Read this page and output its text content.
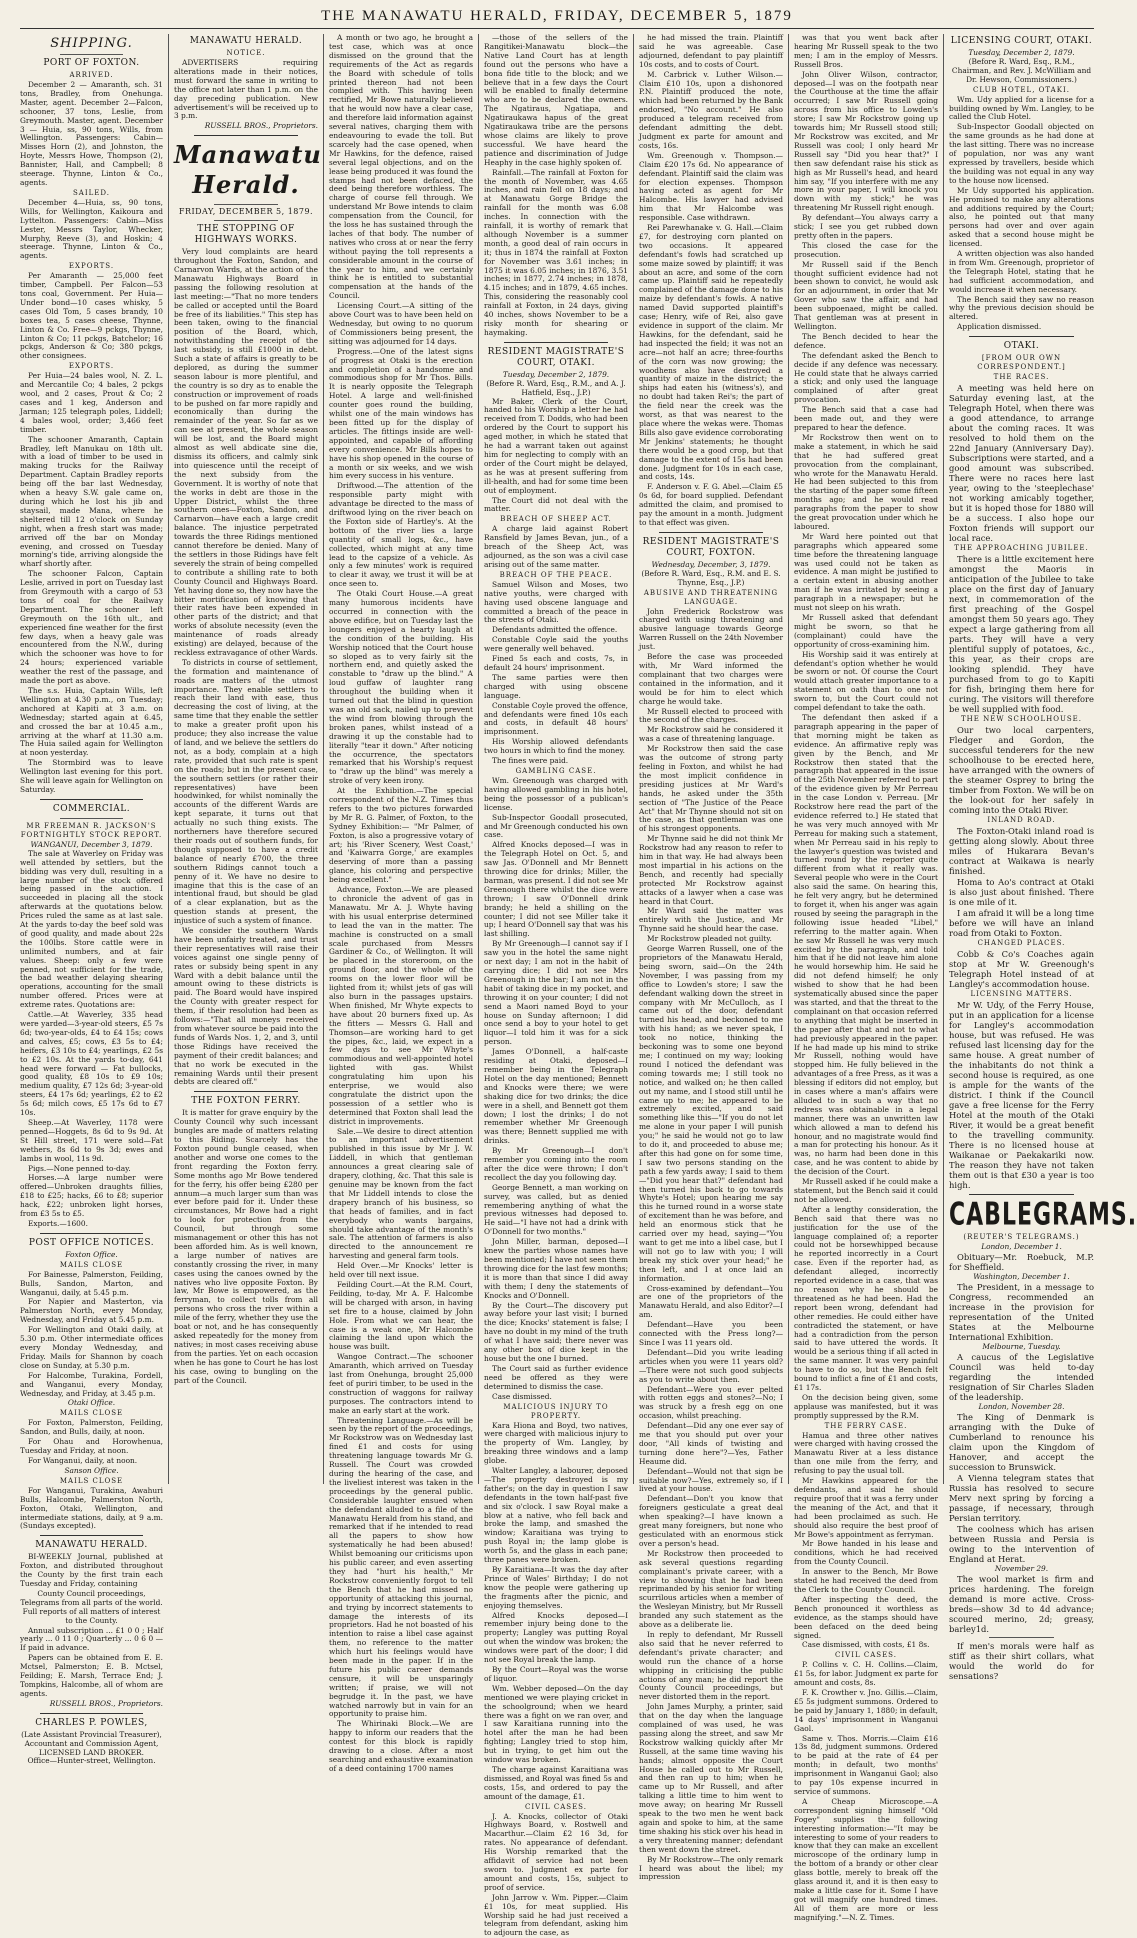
THE MANAWATU HERALD, FRIDAY, DECEMBER 5, 1879
SHIPPING.
PORT OF FOXTON.
ARRIVED.

December 2 — Amaranth, sch. 31 tons, Bradley, from Onehunga. Master, agent. December 2—Falcon, schooner, 37 tons, Leslie, from Greymouth. Master, agent. December 3 — Huia, ss, 90 tons, Wills, from Wellington. Passengers: Cabin—Misses Horn (2), and Johnston, the Hoyte, Messrs Howe, Thompson (2), Bannister, Hall, and Campbell; 8 steerage. Thynne, Linton & Co., agents.

SAILED.

December 4—Huia, ss, 90 tons, Wills, for Wellington, Kaikoura and Lyttelton. Passengers: Cabin—Miss Lester, Messrs Taylor, Whecker, Murphy, Reeve (3), and Hoskin; 4 steerage. Thynne, Linton & Co., agents.

EXPORTS.

Per Amaranth — 25,000 feet timber, Campbell. Per Falcon—53 tons coal, Government. Per Huia—Under bond—10 cases whisky, 5 cases Old Tom, 5 cases brandy, 10 boxes tea, 5 cases cheese, Thynne, Linton & Co. Free—9 pckgs, Thynne, Linton & Co; 11 pckgs, Batchelor; 16 pckgs, Anderson & Co; 380 pckgs, other consignees.

EXPORTS.

Per Huia—24 bales wool, N. Z. L. and Mercantile Co; 4 bales, 2 pckgs wool, and 2 cases, Prout & Co; 2 cases and 1 keg, Anderson and Jarman; 125 telegraph poles, Liddell; 4 bales wool, order; 3,466 feet timber.

The schooner Amaranth, Captain Bradley, left Manukau on 18th ult. with a load of timber to be used in making trucks for the Railway Department. Captain Bradley reports being off the bar last Wednesday, when a heavy S.W. gale came on, during which he lost his jib and staysail, made Mana, where he sheltered till 12 o'clock on Sunday night, when a fresh start was made; arrived off the bar on Monday evening, and crossed on Tuesday morning's tide, arriving alongside the wharf shortly after.

The schooner Falcon, Captain Leslie, arrived in port on Tuesday last from Greymouth with a cargo of 53 tons of coal for the Railway Department. The schooner left Greymouth on the 16th ult., and experienced fine weather for the first few days, when a heavy gale was encountered from the N.W., during which the schooner was hove to for 24 hours; experienced variable weather the rest of the passage, and made the port as above.

The s.s. Huia, Captain Wills, left Wellington at 4.30 p.m., on Tuesday; anchored at Kapiti at 3 a.m. on Wednesday; started again at 6.45, and crossed the bar at 10.45 a.m., arriving at the wharf at 11.30 a.m. The Huia sailed again for Wellington at noon yesterday.

The Stormbird was to leave Wellington last evening for this port. She will leave again for Wellington on Saturday.

COMMERCIAL.
MR FREEMAN R. JACKSON'S FORTNIGHTLY STOCK REPORT.
WANGANUI, December 3, 1879.

The sale at Waverley on Friday was well attended by settlers, but the bidding was very dull, resulting in a large number of the stock offered being passed in the auction. I succeeded in placing all the stock afterwards at the quotations below. Prices ruled the same as at last sale. At the yards to-day the beef sold was of good quality, and made about 22s the 100lbs. Store cattle were in unlimited numbers, and at fair values. Sheep: only a few were penned, not sufficient for the trade, the bad weather delaying shearing operations, accounting for the small number offered. Prices were at extreme rates. Quotations are:

Cattle.—At Waverley, 335 head were yarded—3-year-old steers, £5 7s 6d; two-year-olds, £4 to £4 15s; cows and calves, £5; cows, £3 5s to £4; heifers, £3 10s to £4; yearlings, £2 5s to £2 10s. At the yards to-day, 641 head were forward — Fat bullocks, good quality, £8 10s to £9 10s; medium quality, £7 12s 6d; 3-year-old steers, £4 17s 6d; yearlings, £2 to £2 5s 6d; milch cows, £5 17s 6d to £7 10s.

Sheep.—At Waverley, 1178 were penned—Hoggets, 8s 6d to 9s 9d. At St Hill street, 171 were sold—Fat wethers, 8s 6d to 9s 3d; ewes and lambs in wool, 11s 9d.

Pigs.—None penned to-day.

Horses.—A large number were offered—Unbroken draughts fillies, £18 to £25; hacks, £6 to £8; superior hack, £22; unbroken light horses, from £3 5s to £5.

Exports.—1600.

POST OFFICE NOTICES.
Foxton Office.
MAILS CLOSE

For Bainesse, Palmerston, Feilding, Bulls, Sandon, Marton, and Wanganui, daily, at 5.45 p.m.

For Napier and Masterton, via Palmerston North, every Monday, Wednesday, and Friday at 5.45 p.m.

For Wellington and Otaki daily, at 5.30 p.m. Other intermediate offices every Monday Wednesday, and Friday. Mails for Shannon by coach close on Sunday, at 5.30 p.m.

For Halcombe, Turakina, Fordell, and Wanganui, every Monday, Wednesday, and Friday, at 3.45 p.m.

Otaki Office.
MAILS CLOSE

For Foxton, Palmerston, Feilding, Sandon, and Bulls, daily, at noon.

For Ohau and Horowhenua, Tuesday and Friday, at noon.

For Wanganui, daily, at noon.

Sanson Office.
MAILS CLOSE

For Wanganui, Turakina, Awahuri Bulls, Halcombe, Palmerston North, Foxton, Otaki, Wellington, and intermediate stations, daily, at 9 a.m. (Sundays excepted).

MANAWATU HERALD.

BI-WEEKLY Journal, published at Foxton, and distributed throughout the County by the first train each Tuesday and Friday, containing

County Council proceedings, Telegrams from all parts of the world. Full reports of all matters of interest to the County.

Annual subscription ... £1 0 0 ; Half yearly ... 0 11 0 ; Quarterly ... 0 6 0 — If paid in advance.

Papers can be obtained from E. E. Mctsel, Palmerston; E. B. Mctsel, Feilding; E. Marsh, Terrace End; J. Tompkins, Halcombe, all of whom are agents.

RUSSELL BROS., Proprietors.

CHARLES P. POWLES,
(Late Assistant Provincial Treasurer),
Accountant and Commission Agent,
LICENSED LAND BROKER.
Office—Hunter-street, Wellington.
MANAWATU HERALD.
NOTICE.

ADVERTISERS requiring alterations made in their notices, must forward the same in writing to the office not later than 1 p.m. on the day preceding publication. New advertisement's will be received up to 3 p.m.

RUSSELL BROS., Proprietors.

Manawatu Herald.
FRIDAY, DECEMBER 5, 1879.
THE STOPPING OF HIGHWAYS WORKS.

Very loud complaints are heard throughout the Foxton, Sandon, and Carnarvon Wards, at the action of the Manawatu Highways Board in passing the following resolution at last meeting:—"That no more tenders be called or accepted until the Board be free of its liabilities." This step has been taken, owing to the financial position of the Board, which, notwithstanding the receipt of the last subsidy, is still £1000 in debt. Such a state of affairs is greatly to be deplored, as during the summer season labour is more plentiful, and the country is so dry as to enable the construction or improvement of roads to be pushed on far more rapidly and economically than during the remainder of the year. So far as we can see at present, the whole season will be lost, and the Board might almost as well abdicate sine die, dismiss its officers, and calmly sink into quiescence until the receipt of the next subsidy from the Government. It is worthy of note that the works in debt are those in the Upper District, whilst the three southern ones—Foxton, Sandon, and Carnarvon—have each a large credit balance. The injustice perpetrated towards the three Ridings mentioned cannot therefore be denied. Many of the settlers in those Ridings have felt severely the strain of being compelled to contribute a shilling rate to both County Council and Highways Board. Yet having done so, they now have the bitter mortification of knowing that their rates have been expended in other parts of the district; and that works of absolute necessity (even the maintenance of roads already existing) are delayed, because of the reckless extravagance of other Wards.

To districts in course of settlement, the formation and maintenance of roads are matters of the utmost importance. They enable settlers to reach their land with ease, thus decreasing the cost of living, at the same time that they enable the settler to make a greater profit upon his produce; they also increase the value of land, and we believe the settlers do not, as a body, complain at a high rate, provided that such rate is spent on the roads; but in the present case, the southern settlers (or rather their representatives) have been hoodwinked, for whilst nominally the accounts of the different Wards are kept separate, it turns out that actually no such thing exists. The northerners have therefore secured their roads out of southern funds, for though supposed to have a credit balance of nearly £700, the three southern Ridings cannot touch a penny of it. We have no desire to imagine that this is the case of an intentional fraud, but should be glad of a clear explanation, but as the question stands at present, the injustice of such a system of finance.

We consider the southern Wards have been unfairly treated, and trust their representatives will raise their voices against one single penny of rates or subsidy being spent in any Ward with a debit balance until the amount owing to these districts is paid. The Board would have inspired the County with greater respect for them, if their resolution had been as follows:—"That all moneys received from whatever source be paid into the funds of Wards Nos. 1, 2, and 3, until those Ridings have received the payment of their credit balances; and that no work be executed in the remaining Wards until their present debts are cleared off."

THE FOXTON FERRY.

It is matter for grave enquiry by the County Council why such incessant bungles are made of matters relating to this Riding. Scarcely has the Foxton pound bungle ceased, when another and worse one comes to the front regarding the Foxton ferry. Some months ago Mr Bowe tendered for the ferry, his offer being £280 per annum—a much larger sum than was ever before paid for it. Under these circumstances, Mr Bowe had a right to look for protection from the Council, but through some mismanagement or other this has not been afforded him. As is well known, a large number of natives are constantly crossing the river, in many cases using the canoes owned by the natives who live opposite Foxton. By law, Mr Bowe is empowered, as the ferryman, to collect tolls from all persons who cross the river within a mile of the ferry, whether they use the boat or not, and he has consequently asked repeatedly for the money from natives; in most cases receiving abuse from the parties. Yet on each occasion when he has gone to Court he has lost his case, owing to bungling on the part of the Council.

A month or two ago, he brought a test case, which was at once dismissed on the ground that the requirements of the Act as regards the Board with schedule of tolls printed thereon had not been complied with. This having been rectified, Mr Bowe naturally believed that he would now have a clear case, and therefore laid information against several natives, charging them with endeavouring to evade the toll. But scarcely had the case opened, when Mr Hawkins, for the defence, raised several legal objections, and on the lease being produced it was found the stamps had not been defaced, the deed being therefore worthless. The charge of course fell through. We understand Mr Bowe intends to claim compensation from the Council, for the loss he has sustained through the laches of that body. The number of natives who cross at or near the ferry without paying the toll represents a considerable amount in the course of the year to him, and we certainly think he is entitled to substantial compensation at the hands of the Council.

Licensing Court.—A sitting of the above Court was to have been held on Wednesday, but owing to no quorum of Commissioners being present, the sitting was adjourned for 14 days.

Progress.—One of the latest signs of progress at Otaki is the erection and completion of a handsome and commodious shop for Mr Thos. Bills. It is nearly opposite the Telegraph Hotel. A large and well-finished counter goes round the building, whilst one of the main windows has been fitted up for the display of articles. The fittings inside are well-appointed, and capable of affording every convenience. Mr Bills hopes to have his shop opened in the course of a month or six weeks, and we wish him every success in his venture.

Driftwood.—The attention of the responsible party might with advantage be directed to the mass of driftwood lying on the river beach on the Foxton side of Hartley's. At the bottom of the river lies a large quantity of small logs, &c., have collected, which might at any time lead to the capsize of a vehicle. As only a few minutes' work is required to clear it away, we trust it will be at once seen to.

The Otaki Court House.—A great many humorous incidents have occurred in connection with the above edifice, but on Tuesday last the loungers enjoyed a hearty laugh at the condition of the building. His Worship noticed that the Court house so sloped as to very fairly sit the northern end, and quietly asked the constable to "draw up the blind." A loud guffaw of laughter rang throughout the building when it turned out that the blind in question was an old sack, nailed up to prevent the wind from blowing through the broken panes, whilst instead of a drawing it up the constable had to literally "tear it down." After noticing the occurrence, the spectators remarked that his Worship's request to "draw up the blind" was merely a stroke of very keen irony.

At the Exhibition.—The special correspondent of the N.Z. Times thus refers to the two pictures forwarded by Mr R. G. Palmer, of Foxton, to the Sydney Exhibition:— "Mr Palmer, of Foxton, is also a progressive votary of art; his 'River Scenery, West Coast,' and 'Kaiwarra Gorge,' are examples deserving of more than a passing glance, his coloring and perspective being excellent."

Advance, Foxton.—We are pleased to chronicle the advent of gas in Manawatu. Mr A. J. Whyte having with his usual enterprise determined to lead the van in the matter. The machine is constructed on a small scale purchased from Messrs Gardiner & Co., of Wellington. It will be placed in the storeroom, on the ground floor, and the whole of the rooms on the lower floor will be lighted from it; whilst jets of gas will also burn in the passages upstairs. When finished, Mr Whyte expects to have about 20 burners fixed up. As the fitters — Messrs G. Hall and Thomson—are working hard to get the pipes, &c., laid, we expect in a few days to see Mr Whyte's commodious and well-appointed hotel lighted with gas. Whilst congratulating him upon his enterprise, we would also congratulate the district upon the possession of a settler who is determined that Foxton shall lead the district in improvements.

Sale.—We desire to direct attention to an important advertisement published in this issue by Mr J. W. Liddell, in which that gentleman announces a great clearing sale of drapery, clothing, &c. That this sale is genuine may be known from the fact that Mr Liddell intends to close the drapery branch of his business, so that heads of families, and in fact everybody who wants bargains, should take advantage of the month's sale. The attention of farmers is also directed to the announcement re harvesting and general farm tools.

Held Over.—Mr Knocks' letter is held over till next issue.

Feilding Court.—At the R.M. Court, Feilding, to-day, Mr A. F. Halcombe will be charged with arson, in having set fire to a house, claimed by John Hole. From what we can hear, the case is a weak one, Mr Halcombe claiming the land upon which the house was built.

Wangoe Contract.—The schooner Amaranth, which arrived on Tuesday last from Onehunga, brought 25,000 feet of puriri timber, to be used in the construction of waggons for railway purposes. The contractors intend to make an early start at the work.

Threatening Language.—As will be seen by the report of the proceedings, Mr Rockstrow was on Wednesday last fined £1 and costs for using threatening language towards Mr G. Russell. The Court was crowded during the hearing of the case, and the liveliest interest was taken in the proceedings by the general public. Considerable laughter ensued when the defendant alluded to a file of the Manawatu Herald from his stand, and remarked that if he intended to read all the papers to show how systematically he had been abused! Whilst bemoaning our criticisms upon his public career, and even asserting they had "hurt his health," Mr Rockstrow conveniently forgot to tell the Bench that he had missed no opportunity of attacking this journal, and trying by incorrect statements to damage the interests of its proprietors. Had he not boasted of his intention to raise a libel case against them, no reference to the matter which hurt his feelings would have been made in the paper. If in the future his public career demands censure, it will be unsparingly written; if praise, we will not begrudge it. In the past, we have watched narrowly but in vain for an opportunity to praise him.

The Whirinaki Block.—We are happy to inform our readers that the contest for this block is rapidly drawing to a close. After a most searching and exhaustive examination of a deed containing 1700 names

—those of the sellers of the Rangitikei-Manawatu block—the Native Land Court has at length found out the persons who have a bona fide title to the block; and we believe that in a few days the Court will be enabled to finally determine who are to be declared the owners. The Ngatiraus, Ngatiapa, and Ngatiraukawa hapus of the great Ngatiraukawa tribe are the persons whose claims are likely to prove successful. We have heard the patience and discrimination of Judge Heaphy in the case highly spoken of.

Rainfall.—The rainfall at Foxton for the month of November, was 4.65 inches, and rain fell on 18 days; and at Manawatu Gorge Bridge the rainfall for the month was 6.08 inches. In connection with the rainfall, it is worthy of remark that although November is a summer month, a good deal of rain occurs in it; thus in 1874 the rainfall at Foxton for November was 3.61 inches; in 1875 it was 6.05 inches; in 1876, 3.51 inches; in 1877, 2.74 inches; in 1878, 4.15 inches; and in 1879, 4.65 inches. This, considering the reasonably cool rainfall at Foxton, in 24 days, giving 40 inches, shows November to be a risky month for shearing or haymaking.

RESIDENT MAGISTRATE'S COURT, OTAKI.
Tuesday, December 2, 1879.
(Before R. Ward, Esq., R.M., and A. J. Hatfield, Esq., J.P.)

Mr Baker, Clerk of the Court, handed to his Worship a letter he had received from T. Dodds, who had been ordered by the Court to support his aged mother, in which he stated that he had a warrant taken out against him for neglecting to comply with an order of the Court might be delayed, as he was at present suffering from ill-health, and had for some time been out of employment.

The Court did not deal with the matter.

BREACH OF SHEEP ACT.

A charge laid against Robert Ransfield by James Bevan, jun., of a breach of the Sheep Act, was adjourned, as the son was a civil case arising out of the same matter.

BREACH OF THE PEACE.

Samuel Wilson and Moses, two native youths, were charged with having used obscene language and committed a breach of the peace in the streets of Otaki.

Defendants admitted the offence.

Constable Coyle said the youths were generally well behaved.

Fined 5s each and costs, 7s, in default 24 hours' imprisonment.

The same parties were then charged with using obscene language.

Constable Coyle proved the offence, and defendants were fined 10s each and costs, in default 48 hours' imprisonment.

His Worship allowed defendants two hours in which to find the money.

The fines were paid.

GAMBLING CASE.

Wm. Greenough was charged with having allowed gambling in his hotel, being the possessor of a publican's license.

Sub-Inspector Goodall prosecuted, and Mr Greenough conducted his own case.

Alfred Knocks deposed—I was in the Telegraph Hotel on Oct. 5, and saw Jas. O'Donnell and Mr Bennett throwing dice for drinks; Miller, the barman, was present. I did not see Mr Greenough there whilst the dice were thrown; I saw O'Donnell drink brandy; he held a shilling on the counter; I did not see Miller take it up; I heard O'Donnell say that was his last shilling.

By Mr Greenough—I cannot say if I saw you in the hotel the same night or next day; I am not in the habit of carrying dice; I did not see Mrs Greenough in the bar; I am not in the habit of taking dice in my pocket, and throwing it on your counter; I did not send a Maori named Boyd to your house on Sunday afternoon; I did once send a boy to your hotel to get liquor—I told him it was for a sick person.

James O'Donnell, a half-caste residing at Otaki, deposed—I remember being in the Telegraph Hotel on the day mentioned; Bennett and Knocks were there; we were shaking dice for two drinks; the dice were in a shell, and Bennett got them down; I lost the drinks; I do not remember whether Mr Greenough was there; Bennett supplied me with drinks.

By Mr Greenough—I don't remember you coming into the room after the dice were thrown; I don't recollect the day you following day.

George Bennett, a man working on survey, was called, but as denied remembering anything of what the previous witnesses had deposed to. He said—"I have not had a drink with O'Donnell for two months."

John Miller, barman, deposed—I knew the parties whose names have been mentioned; I have not seen them throwing dice for the last few months; it is more than that since I did away with them; I deny the statements of Knocks and O'Donnell.

By the Court—The discovery put away before your last visit; I burned the dice; Knocks' statement is false; I have no doubt in my mind of the truth of what I have said; there never was any other box of dice kept in the house but the one I burned.

The Court said as further evidence need be offered as they were determined to dismiss the case.

Case dismissed.

MALICIOUS INJURY TO PROPERTY.

Kara Hiona and Boyd, two natives, were charged with malicious injury to the property of Wm. Langley, by breaking three windows and a lamp globe.

Walter Langley, a labourer, deposed—The property destroyed is my father's; on the day in question I saw defendants in the town half-past five and six o'clock. I saw Royal make a blow at a native, who fell back and broke the lamp, and smashed the window; Karaitiana was trying to push Royal in; the lamp globe is worth 5s, and the glass in each pane; three panes were broken.

By Karaitiana—It was the day after Prince of Wales' Birthday; I do not know the people were gathering up the fragments after the picnic, and enjoying themselves.

Alfred Knocks deposed—I remember injury being done to the property; Langley was putting Royal out when the window was broken; the windows were part of the door; I did not see Royal break the lamp.

By the Court—Royal was the worse of liquor.

Wm. Webber deposed—On the day mentioned we were playing cricket in the schoolground; when we heard there was a fight on we ran over, and I saw Karaitiana running into the hotel after the man he had been fighting; Langley tried to stop him, but in trying, to get him out the window was broken.

The charge against Karaitiana was dismissed, and Royal was fined 5s and costs, 15s, and ordered to pay the amount of the damage, £1.

CIVIL CASES.

J. A. Knocks, collector of Otaki Highways Board, v. Rostwell and Macarthur.—Claim £2 16 3d, for rates. No appearance of defendant. His Worship remarked that the affidavit of service had not been sworn to. Judgment ex parte for amount and costs, 15s, subject to proof of service.

John Jarrow v. Wm. Pipper.—Claim £1 10s, for meat supplied. His Worship said he had just received a telegram from defendant, asking him to adjourn the case, as

he had missed the train. Plaintiff said he was agreeable. Case adjourned, defendant to pay plaintiff 10s costs, and to costs of Court.

M. Carbrick v. Luther Wilson.—Claim £10 10s, upon a dishonored P.N. Plaintiff produced the note, which had been returned by the Bank endorsed, "No account." He also produced a telegram received from defendant admitting the debt. Judgment ex parte for amount and costs, 16s.

Wm. Greenough v. Thompson.—Claim £20 17s 6d. No appearance of defendant. Plaintiff said the claim was for election expenses. Thompson having acted as agent for Mr Halcombe. His lawyer had advised him that Mr Halcombe was responsible. Case withdrawn.

Rei Parewhanake v. G. Hall.—Claim £7, for destroying corn planted on two occasions. It appeared defendant's fowls had scratched up some maize sowed by plaintiff; it was about an acre, and some of the corn came up. Plaintiff said he repeatedly complained of the damage done to his maize by defendant's fowls. A native named David supported plaintiff's case; Henry, wife of Rei, also gave evidence in support of the claim. Mr Hawkins, for the defendant, said he had inspected the field; it was not an acre—not half an acre; three-fourths of the corn was now growing; the woodhens also have destroyed a quantity of maize in the district; the ships had eaten his (witness's), and no doubt had taken Rei's; the part of the field near the creek was the worst, as that was nearest to the place where the wekas were. Thomas Bills also gave evidence corroborating Mr Jenkins' statements; he thought there would be a good crop, but that damage to the extent of 15s had been done. Judgment for 10s in each case, and costs, 14s.

F. Anderson v. F. G. Abel.—Claim £5 0s 6d, for board supplied. Defendant admitted the claim, and promised to pay the amount in a month. Judgment to that effect was given.

RESIDENT MAGISTRATE'S COURT, FOXTON.
Wednesday, December, 3, 1879.
(Before R. Ward, Esq., R.M. and E. S. Thynne, Esq., J.P.)
ABUSIVE AND THREATENING LANGUAGE.

John Frederick Rockstrow was charged with using threatening and abusive language towards George Warren Russell on the 24th November just.

Before the case was proceeded with, Mr Ward informed the complainant that two charges were contained in the information, and it would be for him to elect which charge he would take.

Mr Russell elected to proceed with the second of the charges.

Mr Rockstrow said he considered it was a case of threatening language.

Mr Rockstrow then said the case was the outcome of strong party feeling in Foxton, and whilst he had the most implicit confidence in presiding justices at Mr Ward's hands, he asked under the 35th section of "The Justice of the Peace Act" that Mr Thynne should not sit on the case, as that gentleman was one of his strongest opponents.

Mr Thynne said he did not think Mr Rockstrow had any reason to refer to him in that way. He had always been most impartial in his actions on the Bench, and recently had specially protected Mr Rockstrow against attacks of a lawyer when a case was heard in that Court.

Mr Ward said the matter was entirely with the Justice, and Mr Thynne said he should hear the case.

Mr Rockstrow pleaded not guilty.

George Warren Russell, one of the proprietors of the Manawatu Herald, being sworn, said—On the 24th November, I was passing from my office to Lowden's store; I saw the defendant walking down the street in company with Mr McCulloch, as I came out of the door, defendant turned his head, and beckoned to me with his hand; as we never speak, I took no notice, thinking the beckoning was to some one beyond me; I continued on my way; looking round I noticed the defendant was coming towards me; I still took no notice, and walked on; he then called out my name, and I stood still until he came up to me; he appeared to be extremely excited, and said something like this—"If you do not let me alone in your paper I will punish you;" he said he would not go to law to do it, and proceeded to abuse me; after this had gone on for some time, I saw two persons standing on the path a few yards away; I said to them—"Did you hear that?" defendant had then turned his back to go towards Whyte's Hotel; upon hearing me say this he turned round in a worse state of excitement than he was before, and held an enormous stick that he carried over my head, saying—"You want to get me into a libel case, but I will not go to law with you; I will break my stick over your head;" he then left, and I at once laid an information.

Cross-examined by defendant—You are one of the proprietors of the Manawatu Herald, and also Editor?—I am.

Defendant—Have you been connected with the Press long?—Since I was 11 years old.

Defendant—Did you write leading articles when you were 11 years old?—There were not such good subjects as you to write about then.

Defendant—Were you ever pelted with rotten eggs and stones?—No; I was struck by a fresh egg on one occasion, whilst preaching.

Defendant—Did any one ever say of me that you should put over your door, "All kinds of twisting and turning done here"?—Yes, Father Heaume did.

Defendant—Would not that sign be suitable now?—Yes, extremely so, if I lived at your house.

Defendant—Don't you know that foreigners gesticulate a great deal when speaking?—I have known a great many foreigners, but none who gesticulated with an enormous stick over a person's head.

Mr Rockstrow then proceeded to ask several questions regarding complainant's private career, with a view to showing that he had been reprimanded by his senior for writing scurrilous articles when a member of the Wesleyan Ministry, but Mr Russell branded any such statement as the above as a deliberate lie.

In reply to defendant, Mr Russell also said that he never referred to defendant's private character; and would run the chance of a horse whipping in criticising the public actions of any man; he did report the County Council proceedings, but never distorted them in the report.

John James Murphy, a printer, said that on the day when the language complained of was used, he was passing along the street, and saw Mr Rockstrow walking quickly after Mr Russell, at the same time waving his hands; almost opposite the Court House he called out to Mr Russell, and then ran up to him; when he came up to Mr Russell, and after talking a little time to him went to move away; on hearing Mr Russell speak to the two men he went back again and spoke to him, at the same time shaking his stick over his head in a very threatening manner; defendant then went down the street.

By Mr Rockstrow—The only remark I heard was about the libel; my impression

was that you went back after hearing Mr Russell speak to the two men; I am in the employ of Messrs. Russell Bros.

John Oliver Wilson, contractor, deposed—I was on the footpath near the Courthouse at the time the affair occurred; I saw Mr Russell going across from his office to Lowden's store; I saw Mr Rockstrow going up towards him; Mr Russell stood still; Mr Rockstrow was excited, and Mr Russell was cool; I only heard Mr Russell say "Did you hear that?" I then saw defendant raise his stick as high as Mr Russell's head, and heard him say, "If you interfere with me any more in your paper, I will knock you down with my stick;" he was threatening Mr Russell right enough.

By defendant—You always carry a stick; I see you get rubbed down pretty often in the papers.

This closed the case for the prosecution.

Mr Russell said if the Bench thought sufficient evidence had not been shown to convict, he would ask for an adjournment, in order that Mr Gover who saw the affair, and had been subpoenaed, might be called. That gentleman was at present in Wellington.

The Bench decided to hear the defence.

The defendant asked the Bench to decide if any defence was necessary. He could state that he always carried a stick; and only used the language complained of after great provocation.

The Bench said that a case had been made out, and they were prepared to hear the defence.

Mr Rockstrow then went on to make a statement, in which he said that he had suffered great provocation from the complainant, who wrote for the Manawatu Herald. He had been subjected to this from the starting of the paper some fifteen months ago; and he would read paragraphs from the paper to show the great provocation under which he laboured.

Mr Ward here pointed out that paragraphs which appeared some time before the threatening language was used could not be taken as evidence. A man might be justified to a certain extent in abusing another man if he was irritated by seeing a paragraph in a newspaper; but he must not sleep on his wrath.

Mr Russell asked that defendant might be sworn, so that he (complainant) could have the opportunity of cross-examining him.

His Worship said it was entirely at defendant's option whether he would be sworn or not. Of course the Court would attach greater importance to a statement on oath than to one not sworn to, but the Court could not compel defendant to take the oath.

The defendant then asked if a paragraph appearing in the paper of that morning might be taken as evidence. An affirmative reply was given by the Bench, and Mr Rockstrow then stated that the paragraph that appeared in the issue of the 25th November referred to part of the evidence given by Mr Perreau in the case London v. Perreau. [Mr Rockstrow here read the part of the evidence referred to.] He stated that he was very much annoyed with Mr Perreau for making such a statement, when Mr Perreau said in his reply to the lawyer's question was twisted and turned round by the reporter quite different from what it really was. Several people who were in the Court also said the same. On hearing this, he felt very angry, but he determined to forget it, when his anger was again roused by seeing the paragraph in the following issue headed "Libel," referring to the matter again. When he saw Mr Russell he was very much excited by the paragraph, and told him that if he did not leave him alone he would horsewhip him. He said he did not defend himself; he only wished to show that he had been systematically abused since the paper was started, and that the threat to the complainant on that occasion referred to anything that might be inserted in the paper after that and not to what had previously appeared in the paper. If he had made up his mind to strike Mr Russell, nothing would have stopped him. He fully believed in the advantages of a free Press, as it was a blessing if editors did not employ, but in cases where a man's affairs were alluded to in such a way that no redress was obtainable in a legal manner, there was an unwritten law which allowed a man to defend his honour, and no magistrate would find a man for protecting his honour. As it was, no harm had been done in this case, and he was content to abide by the decision of the Court.

Mr Russell asked if he could make a statement, but the Bench said it could not be allowed.

After a lengthy consideration, the Bench said that there was no justification for the use of the language complained of; a reporter could not be horsewhipped because he reported incorrectly in a Court case. Even if the reporter had, as defendant alleged, incorrectly reported evidence in a case, that was no reason why he should be threatened as he had been. Had the report been wrong, defendant had other remedies. He could either have contradicted the statement, or have had a contradiction from the person said to have uttered the words. It would be a serious thing if all acted in the same manner. It was very painful to have to do so, but the Bench felt bound to inflict a fine of £1 and costs, £1 17s.

On the decision being given, some applause was manifested, but it was promptly suppressed by the R.M.

THE FERRY CASE.

Hamua and three other natives were charged with having crossed the Manawatu River at a less distance than one mile from the ferry, and refusing to pay the usual toll.

Mr Hawkins appeared for the defendants, and said he should require proof that it was a ferry under the meaning of the Act, and that it had been proclaimed as such. He should also require the best proof of Mr Bowe's appointment as ferryman.

Mr Bowe handed in his lease and conditions, which he had received from the County Council.

In answer to the Bench, Mr Bowe stated he had received the deed from the Clerk to the County Council.

After inspecting the deed, the Bench pronounced it worthless as evidence, as the stamps should have been defaced on the deed being signed.

Case dismissed, with costs, £1 8s.

CIVIL CASES.

P. Collins v. C. H. Collins.—Claim, £1 5s, for labor. Judgment ex parte for amount and costs, 8s.

F. K. Crowther v. Jno. Gillis.—Claim, £5 5s judgment summons. Ordered to be paid by January 1, 1880; in default, 14 days' imprisonment in Wanganui Gaol.

Same v. Thos. Morris.—Claim £16 13s 8d, judgment summons. Ordered to be paid at the rate of £4 per month; in default, two months' imprisonment in Wanganui Gaol; also to pay 10s expense incurred in service of summons.

A Cheap Microscope.—A correspondent signing himself "Old Fogey" supplies the following interesting information:—"It may be interesting to some of your readers to know that they can make an excellent microscope of the ordinary lump in the bottom of a brandy or other clear glass bottle, merely to break off the glass around it, and it is then easy to make a little case for it. Some I have got will magnify one hundred times. All of them are more or less magnifying."—N. Z. Times.

LICENSING COURT, OTAKI.
Tuesday, December 2, 1879.
(Before R. Ward, Esq., R.M., Chairman, and Rev. J. McWilliam and Dr. Hewson, Commissioners.)
CLUB HOTEL, OTAKI.

Wm. Udy applied for a license for a building owned by Wm. Langley, to be called the Club Hotel.

Sub-Inspector Goodall objected on the same grounds as he had done at the last sitting. There was no increase of population, nor was any want expressed by travellers, beside which the building was not equal in any way to the house now licensed.

Mr Udy supported his application. He promised to make any alterations and additions required by the Court; also, he pointed out that many persons had over and over again asked that a second house might be licensed.

A written objection was also handed in from Wm. Greenough, proprietor of the Telegraph Hotel, stating that he had sufficient accommodation, and would increase it when necessary.

The Bench said they saw no reason why the previous decision should be altered.

Application dismissed.

OTAKI.
[FROM OUR OWN CORRESPONDENT.]
THE RACES.

A meeting was held here on Saturday evening last, at the Telegraph Hotel, when there was a good attendance, to arrange about the coming races. It was resolved to hold them on the 22nd January (Anniversary Day). Subscriptions were started, and a good amount was subscribed. There were no races here last year, owing to the 'steeplechase' not working amicably together, but it is hoped those for 1880 will be a success. I also hope our Foxton friends will support our local race.

THE APPROACHING JUBILEE.

There is a little excitement here amongst the Maoris in anticipation of the Jubilee to take place on the first day of January next, in commemoration of the first preaching of the Gospel amongst them 50 years ago. They expect a large gathering from all parts. They will have a very plentiful supply of potatoes, &c., this year, as their crops are looking splendid. They have purchased from to go to Kapiti for fish, bringing them here for curing. The visitors will therefore be well supplied with food.

THE NEW SCHOOLHOUSE.

Our two local carpenters, Fledger and Gordon, the successful tenderers for the new schoolhouse to be erected here, have arranged with the owners of the steamer Osprey to bring the timber from Foxton. We will be on the look-out for her safely in coming into the Otaki River.

INLAND ROAD.

The Foxton-Otaki inland road is getting along slowly. About three miles of Hukarara Bevan's contract at Waikawa is nearly finished.

Homa to Ao's contract at Otaki is also just about finished. There is one mile of it.

I am afraid it will be a long time before we will have an inland road from Otaki to Foxton.

CHANGED PLACES.

Cobb & Co's Coaches again stop at Mr W. Greenough's Telegraph Hotel instead of at Langley's accommodation house.

LICENSING MATTERS.

Mr W. Udy, of the Ferry House, put in an application for a license for Langley's accommodation house, but was refused. He was refused last licensing day for the same house. A great number of the inhabitants do not think a second house is required, as one is ample for the wants of the district. I think if the Council gave a free license for the Ferry Hotel at the mouth of the Otaki River, it would be a great benefit to the travelling community. There is no licensed house at Waikanae or Paekakariki now. The reason they have not taken them out is that £30 a year is too high.

CABLEGRAMS.
(REUTER'S TELEGRAMS.)
London, December 1.

Obituary—Mr. Roebuck, M.P. for Sheffield.

Washington, December 1.

The President, in a message to Congress, recommended an increase in the provision for representation of the United States at the Melbourne International Exhibition.

Melbourne, Tuesday.

A caucus of the Legislative Council was held to-day regarding the intended resignation of Sir Charles Sladen of the leadership.

London, November 28.

The King of Denmark is arranging with the Duke of Cumberland to renounce his claim upon the Kingdom of Hanover, and accept the succession to Brunswick.

A Vienna telegram states that Russia has resolved to secure Merv next spring by forcing a passage, if necessary, through Persian territory.

The coolness which has arisen between Russia and Persia is owing to the intervention of England at Herat.

November 29.

The wool market is firm and prices hardening. The foreign demand is more active. Cross-breds—show 3d to 4d advance; scoured merino, 2d; greasy, barley1d.

If men's morals were half as stiff as their shirt collars, what would the world do for sensations?
